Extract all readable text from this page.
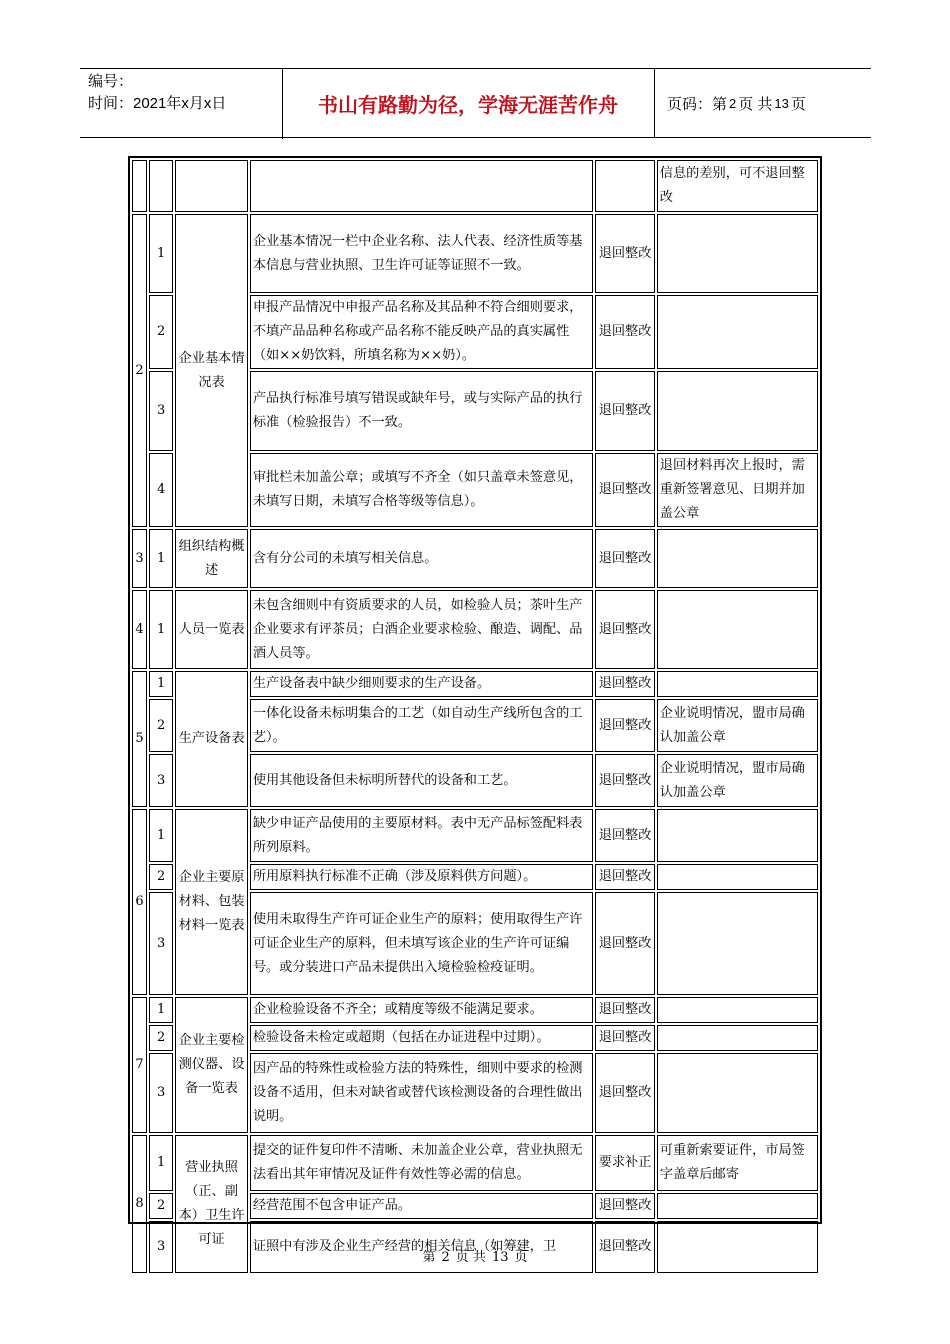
编号：
时间：2021年x月x日	书山有路勤为径，学海无涯苦作舟	页码：第 2 页 共 13 页
					信息的差别，可不退回整改
2	1	企业基本情况表	企业基本情况一栏中企业名称、法人代表、经济性质等基本信息与营业执照、卫生许可证等证照不一致。	退回整改	
	2		申报产品情况中申报产品名称及其品种不符合细则要求，不填产品品种名称或产品名称不能反映产品的真实属性（如××奶饮料，所填名称为××奶）。	退回整改	
	3		产品执行标准号填写错误或缺年号，或与实际产品的执行标准（检验报告）不一致。	退回整改	
	4		审批栏未加盖公章；或填写不齐全（如只盖章未签意见，未填写日期，未填写合格等级等信息）。	退回整改	退回材料再次上报时，需重新签署意见、日期并加盖公章
3	1	组织结构概述	含有分公司的未填写相关信息。	退回整改	
4	1	人员一览表	未包含细则中有资质要求的人员，如检验人员；茶叶生产企业要求有评茶员；白酒企业要求检验、酿造、调配、品酒人员等。	退回整改	
5	1	生产设备表	生产设备表中缺少细则要求的生产设备。	退回整改	
	2		一体化设备未标明集合的工艺（如自动生产线所包含的工艺）。	退回整改	企业说明情况，盟市局确认加盖公章
	3		使用其他设备但未标明所替代的设备和工艺。	退回整改	企业说明情况，盟市局确认加盖公章
6	1	企业主要原材料、包装材料一览表	缺少申证产品使用的主要原材料。表中无产品标签配料表所列原料。	退回整改	
	2		所用原料执行标准不正确（涉及原料供方问题）。	退回整改	
	3		使用未取得生产许可证企业生产的原料；使用取得生产许可证企业生产的原料，但未填写该企业的生产许可证编号。或分装进口产品未提供出入境检验检疫证明。	退回整改	
7	1	企业主要检测仪器、设备一览表	企业检验设备不齐全；或精度等级不能满足要求。	退回整改	
	2		检验设备未检定或超期（包括在办证进程中过期）。	退回整改	
	3		因产品的特殊性或检验方法的特殊性，细则中要求的检测设备不适用，但未对缺省或替代该检测设备的合理性做出说明。	退回整改	
8	1	营业执照（正、副本）卫生许可证	提交的证件复印件不清晰、未加盖企业公章，营业执照无法看出其年审情况及证件有效性等必需的信息。	要求补正	可重新索要证件，市局签字盖章后邮寄
	2		经营范围不包含申证产品。	退回整改	
	3		证照中有涉及企业生产经营的相关信息（如筹建，卫	退回整改	
第 2 页 共 13 页
